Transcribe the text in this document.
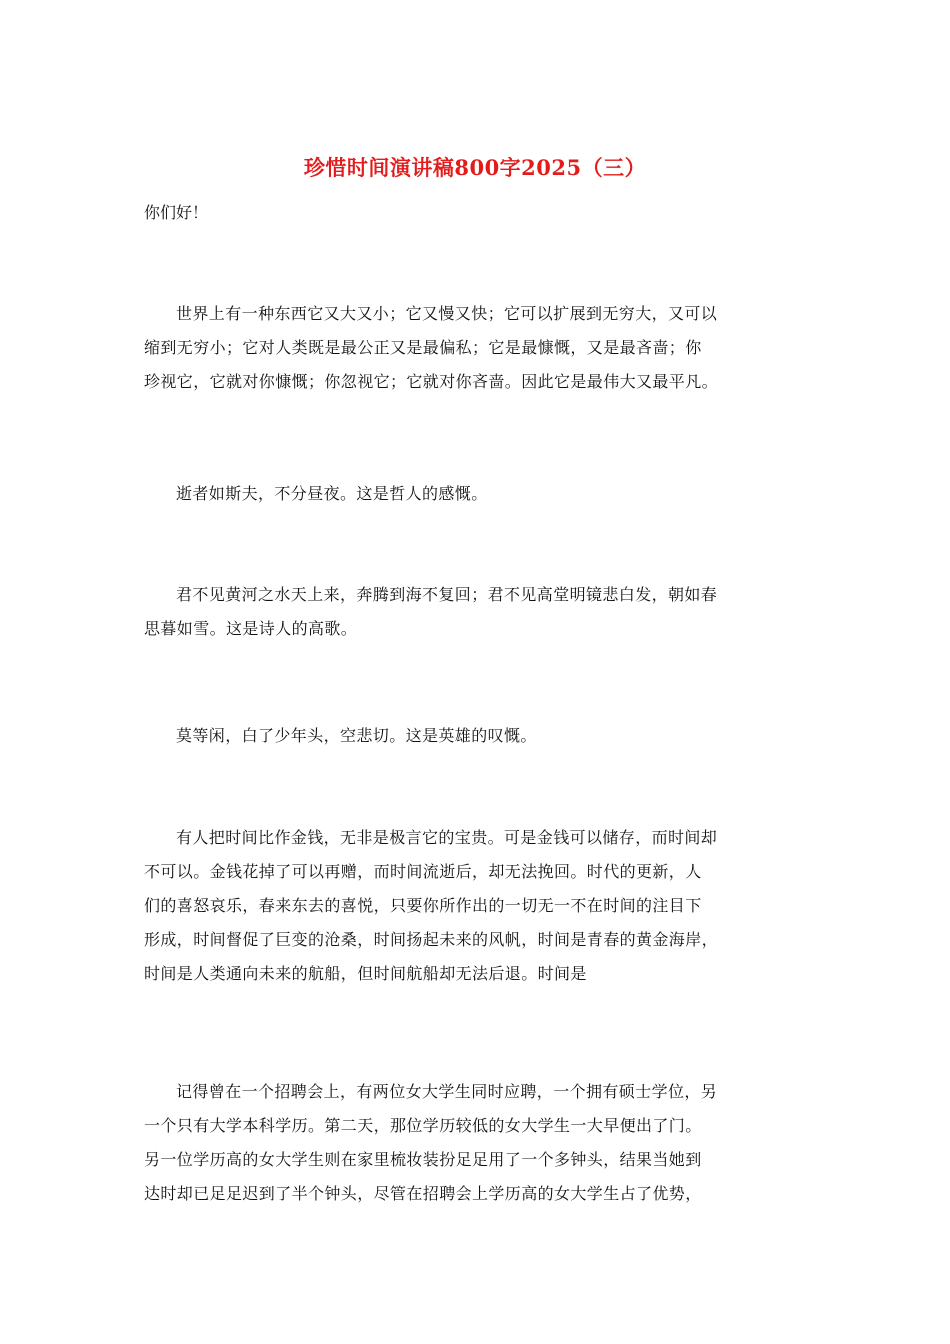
珍惜时间演讲稿800字2025（三）
你们好！
世界上有一种东西它又大又小；它又慢又快；它可以扩展到无穷大，又可以
缩到无穷小；它对人类既是最公正又是最偏私；它是最慷慨，又是最吝啬；你
珍视它，它就对你慷慨；你忽视它；它就对你吝啬。因此它是最伟大又最平凡。
逝者如斯夫，不分昼夜。这是哲人的感慨。
君不见黄河之水天上来，奔腾到海不复回；君不见高堂明镜悲白发，朝如春
思暮如雪。这是诗人的高歌。
莫等闲，白了少年头，空悲切。这是英雄的叹慨。
有人把时间比作金钱，无非是极言它的宝贵。可是金钱可以储存，而时间却
不可以。金钱花掉了可以再赠，而时间流逝后，却无法挽回。时代的更新，人
们的喜怒哀乐，春来东去的喜悦，只要你所作出的一切无一不在时间的注目下
形成，时间督促了巨变的沧桑，时间扬起未来的风帆，时间是青春的黄金海岸，
时间是人类通向未来的航船，但时间航船却无法后退。时间是
记得曾在一个招聘会上，有两位女大学生同时应聘，一个拥有硕士学位，另
一个只有大学本科学历。第二天，那位学历较低的女大学生一大早便出了门。
另一位学历高的女大学生则在家里梳妆装扮足足用了一个多钟头，结果当她到
达时却已足足迟到了半个钟头，尽管在招聘会上学历高的女大学生占了优势，
